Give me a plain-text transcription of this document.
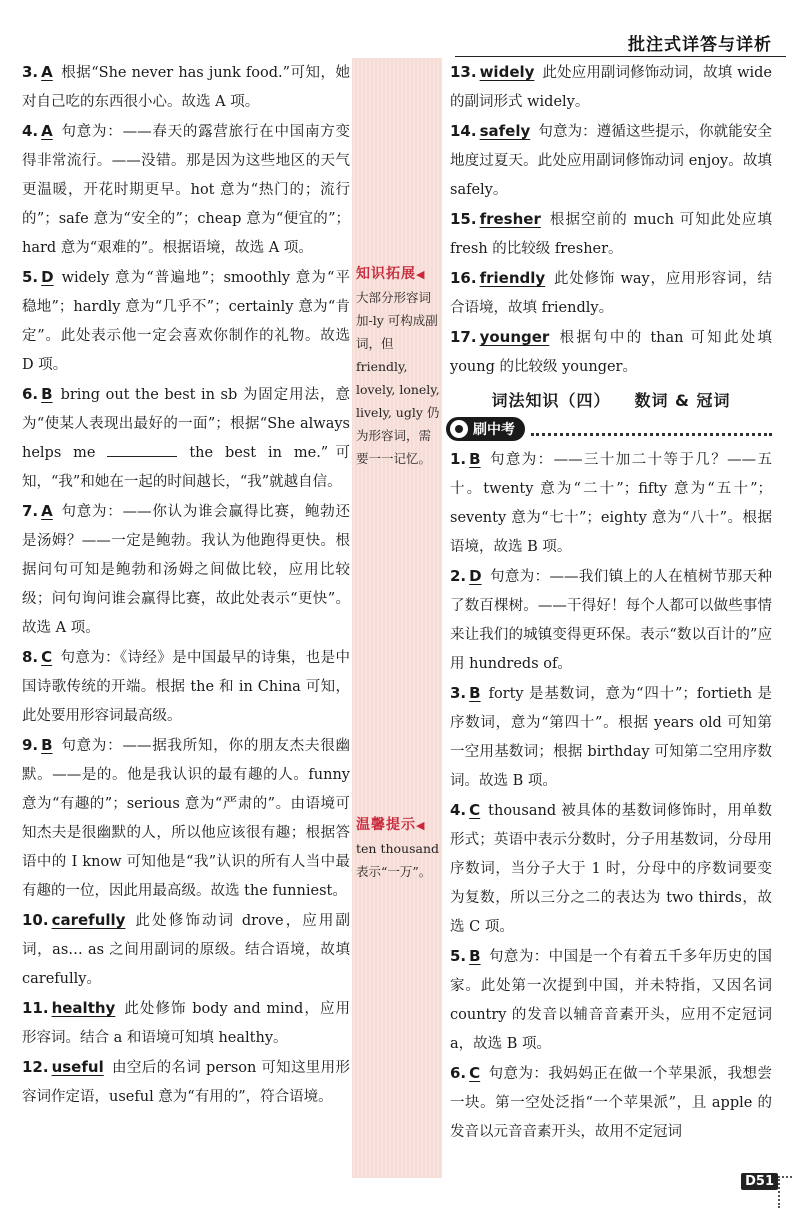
批注式详答与详析
知识拓展◀
大部分形容词加-ly 可构成副词，但 friendly, lovely, lonely, lively, ugly 仍为形容词，需要一一记忆。
温馨提示◀
ten thousand 表示“一万”。

3. A 根据“She never has junk food.”可知，她对自己吃的东西很小心。故选 A 项。

4. A 句意为：——春天的露营旅行在中国南方变得非常流行。——没错。那是因为这些地区的天气更温暖，开花时期更早。hot 意为“热门的；流行的”；safe 意为“安全的”；cheap 意为“便宜的”；hard 意为“艰难的”。根据语境，故选 A 项。

5. D widely 意为“普遍地”；smoothly 意为“平稳地”；hardly 意为“几乎不”；certainly 意为“肯定”。此处表示他一定会喜欢你制作的礼物。故选 D 项。

6. B bring out the best in sb 为固定用法，意为“使某人表现出最好的一面”；根据“She always helps me	the best in me.”可知，“我”和她在一起的时间越长，“我”就越自信。

7. A 句意为：——你认为谁会赢得比赛，鲍勃还是汤姆？——一定是鲍勃。我认为他跑得更快。根据问句可知是鲍勃和汤姆之间做比较，应用比较级；问句询问谁会赢得比赛，故此处表示“更快”。故选 A 项。

8. C 句意为：《诗经》是中国最早的诗集，也是中国诗歌传统的开端。根据 the 和 in China 可知，此处要用形容词最高级。

9. B 句意为：——据我所知，你的朋友杰夫很幽默。——是的。他是我认识的最有趣的人。funny 意为“有趣的”；serious 意为“严肃的”。由语境可知杰夫是很幽默的人，所以他应该很有趣；根据答语中的 I know 可知他是“我”认识的所有人当中最有趣的一位，因此用最高级。故选 the funniest。

10. carefully 此处修饰动词 drove，应用副词，as… as 之间用副词的原级。结合语境，故填 carefully。

11. healthy 此处修饰 body and mind，应用形容词。结合 a 和语境可知填 healthy。

12. useful 由空后的名词 person 可知这里用形容词作定语，useful 意为“有用的”，符合语境。

13. widely 此处应用副词修饰动词，故填 wide 的副词形式 widely。

14. safely 句意为：遵循这些提示，你就能安全地度过夏天。此处应用副词修饰动词 enjoy。故填 safely。

15. fresher 根据空前的 much 可知此处应填 fresh 的比较级 fresher。

16. friendly 此处修饰 way，应用形容词，结合语境，故填 friendly。

17. younger 根据句中的 than 可知此处填 young 的比较级 younger。

词法知识（四） 数词 & 冠词
刷中考

1. B 句意为：——三十加二十等于几？——五十。twenty 意为“二十”；fifty 意为“五十”；seventy 意为“七十”；eighty 意为“八十”。根据语境，故选 B 项。

2. D 句意为：——我们镇上的人在植树节那天种了数百棵树。——干得好！每个人都可以做些事情来让我们的城镇变得更环保。表示“数以百计的”应用 hundreds of。

3. B forty 是基数词，意为“四十”；fortieth 是序数词，意为“第四十”。根据 years old 可知第一空用基数词；根据 birthday 可知第二空用序数词。故选 B 项。

4. C thousand 被具体的基数词修饰时，用单数形式；英语中表示分数时，分子用基数词，分母用序数词，当分子大于 1 时，分母中的序数词要变为复数，所以三分之二的表达为 two thirds，故选 C 项。

5. B 句意为：中国是一个有着五千多年历史的国家。此处第一次提到中国，并未特指，又因名词 country 的发音以辅音音素开头，应用不定冠词 a，故选 B 项。

6. C 句意为：我妈妈正在做一个苹果派，我想尝一块。第一空处泛指“一个苹果派”，且 apple 的发音以元音音素开头，故用不定冠词

D51
